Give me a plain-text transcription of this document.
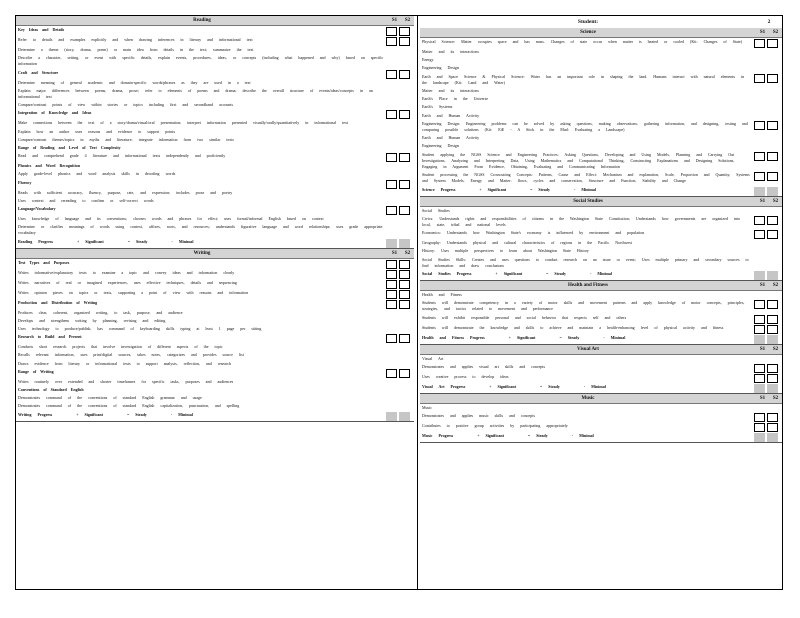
Reading	S1	S2
Key Ideas and Details
Refer to details and examples explicitly and when drawing inferences in literary and informational text
Determine a theme (story, drama, poem) or main idea from details in the text; summarize the text
Describe a character, setting, or event with specific details, explain events, procedures, ideas, or concepts (including what happened and why) based on specific information
Craft and Structure
Determine meaning of general academic and domain-specific words/phrases as they are used in a text
Explain major differences between poems, drama, prose; refer to elements of poems and drama; describe the overall structure of events/ideas/concepts in an informational text
Compare/contrast points of view within stories or topics including first and secondhand accounts
Integration of Knowledge and Ideas
Make connections between the text of a story/drama/visual/oral presentation; interpret information presented visually/orally/quantitatively in informational text
Explain how an author uses reasons and evidence to support points
Compare/contrast themes/topics in myths and literature; integrate information from two similar texts
Range of Reading and Level of Text Complexity
Read and comprehend grade 4 literature and informational texts independently and proficiently
Phonics and Word Recognition
Apply grade-level phonics and word analysis skills in decoding words
Fluency
Reads with sufficient accuracy, fluency, purpose, rate, and expression; includes prose and poetry
Uses context and rereading to confirm or self-correct words
Language/Vocabulary
Uses knowledge of language and its conventions; chooses words and phrases for effect; uses formal/informal English based on context
Determine or clarifies meanings of words using context, affixes, roots, and resources; understands figurative language and word relationships; uses grade appropriate vocabulary
Reading Progress	+ Significant	= Steady	- Minimal
Writing	S1	S2
Text Types and Purposes
Writes informative/explanatory texts to examine a topic and convey ideas and information clearly
Writes narratives of real or imagined experiences, uses effective techniques, details and sequencing
Writes opinion pieces on topics or texts, supporting a point of view with reasons and information
Production and Distribution of Writing
Produces clear, coherent, organized writing, to task, purpose, and audience
Develops and strengthens writing by planning, revising and editing
Uses technology to produce/publish, has command of keyboarding skills typing at least 1 page per sitting
Research to Build and Present
Conducts short research projects that involve investigation of different aspects of the topic
Recalls relevant information, uses print/digital sources, takes notes, categorizes and provides source list
Draws evidence from literary or informational texts to support analysis, reflection, and research
Range of Writing
Writes routinely over extended and shorter timeframes for specific tasks, purposes and audiences
Conventions of Standard English
Demonstrates command of the conventions of standard English grammar and usage
Demonstrates command of the conventions of standard English capitalization, punctuation, and spelling
Writing Progress	+ Significant	= Steady	- Minimal
Student:	2
Science	S1	S2
Physical Science: Matter occupies space and has mass. Changes of state occur when matter is heated or cooled (Kit: Changes of State)
Matter and its interactions
Energy
Engineering Design
Earth and Space Science & Physical Science: Water has an important role in shaping the land. Humans interact with natural elements in the landscape (Kit: Land and Water)
Matter and its interactions
Earth's Place in the Universe
Earth's Systems
Earth and Human Activity
Engineering Design: Engineering problems can be solved by asking questions, making observations, gathering information, and designing, testing and comparing possible solutions (Kit: EiE - A Stick in the Mud: Evaluating a Landscape)
Earth and Human Activity
Engineering Design
Student applying the NGSS Science and Engineering Practices: Asking Questions, Developing and Using Models, Planning and Carrying Out Investigations, Analyzing and Interpreting Data, Using Mathematics and Computational Thinking, Constructing Explanations and Designing Solutions, Engaging in Argument From Evidence, Obtaining, Evaluating and Communicating Information
Student processing the NGSS Crosscutting Concepts: Patterns, Cause and Effect: Mechanism and explanation, Scale, Proportion and Quantity, Systems and System Models, Energy and Matter: flows, cycles and conservation, Structure and Function, Stability and Change
Science Progress	+ Significant	= Steady	- Minimal
Social Studies	S1	S2
Social Studies
Civics: Understands rights and responsibilities of citizens in the Washington State Constitution; Understands how governments are organized into local, state, tribal and national levels
Economics: Understands how Washington State's economy is influenced by environment and population
Geography: Understands physical and cultural characteristics of regions in the Pacific Northwest
History: Uses multiple perspectives to learn about Washington State History
Social Studies Skills: Creates and uses questions to conduct research on an issue or event; Uses multiple primary and secondary sources to find information and draw conclusions
Social Studies Progress	+ Significant	= Steady	- Minimal
Health and Fitness	S1	S2
Health and Fitness
Students will demonstrate competency in a variety of motor skills and movement patterns and apply knowledge of motor concepts, principles, strategies, and tactics related to movement and performance
Students will exhibit responsible personal and social behavior that respects self and others
Students will demonstrate the knowledge and skills to achieve and maintain a health-enhancing level of physical activity and fitness
Health and Fitness Progress	+ Significant	= Steady	- Minimal
Visual Art	S1	S2
Visual Art
Demonstrates and applies visual art skills and concepts
Uses creative process to develop ideas
Visual Art Progress	+ Significant	= Steady	- Minimal
Music	S1	S2
Music
Demonstrates and applies music skills and concepts
Contributes to positive group activities by participating appropriately
Music Progress	+ Significant	= Steady	- Minimal
